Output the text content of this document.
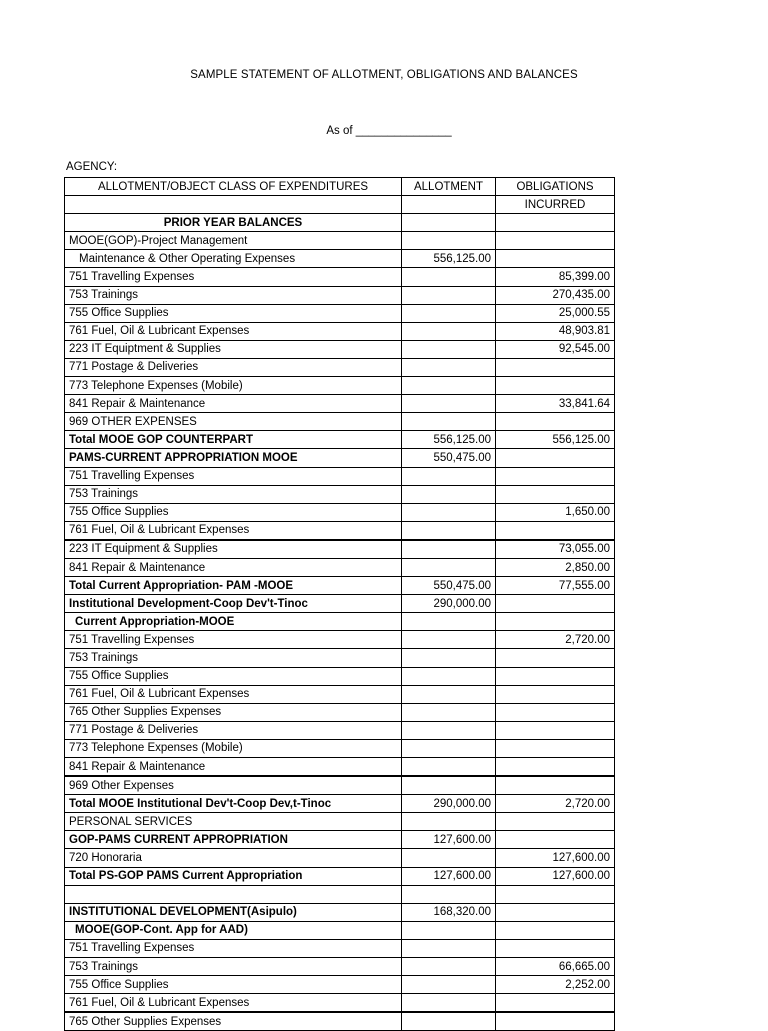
SAMPLE STATEMENT OF ALLOTMENT, OBLIGATIONS AND BALANCES
As of _______________
AGENCY:
ALLOTMENT/OBJECT CLASS OF EXPENDITURES	ALLOTMENT	OBLIGATIONS
		INCURRED
PRIOR YEAR BALANCES		
MOOE(GOP)-Project Management		
Maintenance & Other Operating Expenses	556,125.00	
751 Travelling Expenses		85,399.00
753 Trainings		270,435.00
755 Office Supplies		25,000.55
761 Fuel, Oil & Lubricant Expenses		48,903.81
223 IT Equiptment & Supplies		92,545.00
771 Postage & Deliveries		
773 Telephone Expenses (Mobile)		
841 Repair & Maintenance		33,841.64
969 OTHER EXPENSES		
Total MOOE GOP COUNTERPART	556,125.00	556,125.00
PAMS-CURRENT APPROPRIATION MOOE	550,475.00	
751 Travelling Expenses		
753 Trainings		
755 Office Supplies		1,650.00
761 Fuel, Oil & Lubricant Expenses		
223 IT Equipment & Supplies		73,055.00
841 Repair & Maintenance		2,850.00
Total Current Appropriation- PAM -MOOE	550,475.00	77,555.00
Institutional Development-Coop Dev't-Tinoc	290,000.00	
Current Appropriation-MOOE		
751 Travelling Expenses		2,720.00
753 Trainings		
755 Office Supplies		
761 Fuel, Oil & Lubricant Expenses		
765 Other Supplies Expenses		
771 Postage & Deliveries		
773 Telephone Expenses (Mobile)		
841 Repair & Maintenance		
969 Other Expenses		
Total MOOE Institutional Dev't-Coop Dev,t-Tinoc	290,000.00	2,720.00
PERSONAL SERVICES		
GOP-PAMS CURRENT APPROPRIATION	127,600.00	
720 Honoraria		127,600.00
Total PS-GOP PAMS Current Appropriation	127,600.00	127,600.00

INSTITUTIONAL DEVELOPMENT(Asipulo)	168,320.00	
MOOE(GOP-Cont. App for AAD)		
751 Travelling Expenses		
753 Trainings		66,665.00
755 Office Supplies		2,252.00
761 Fuel, Oil & Lubricant Expenses		
765 Other Supplies Expenses		
